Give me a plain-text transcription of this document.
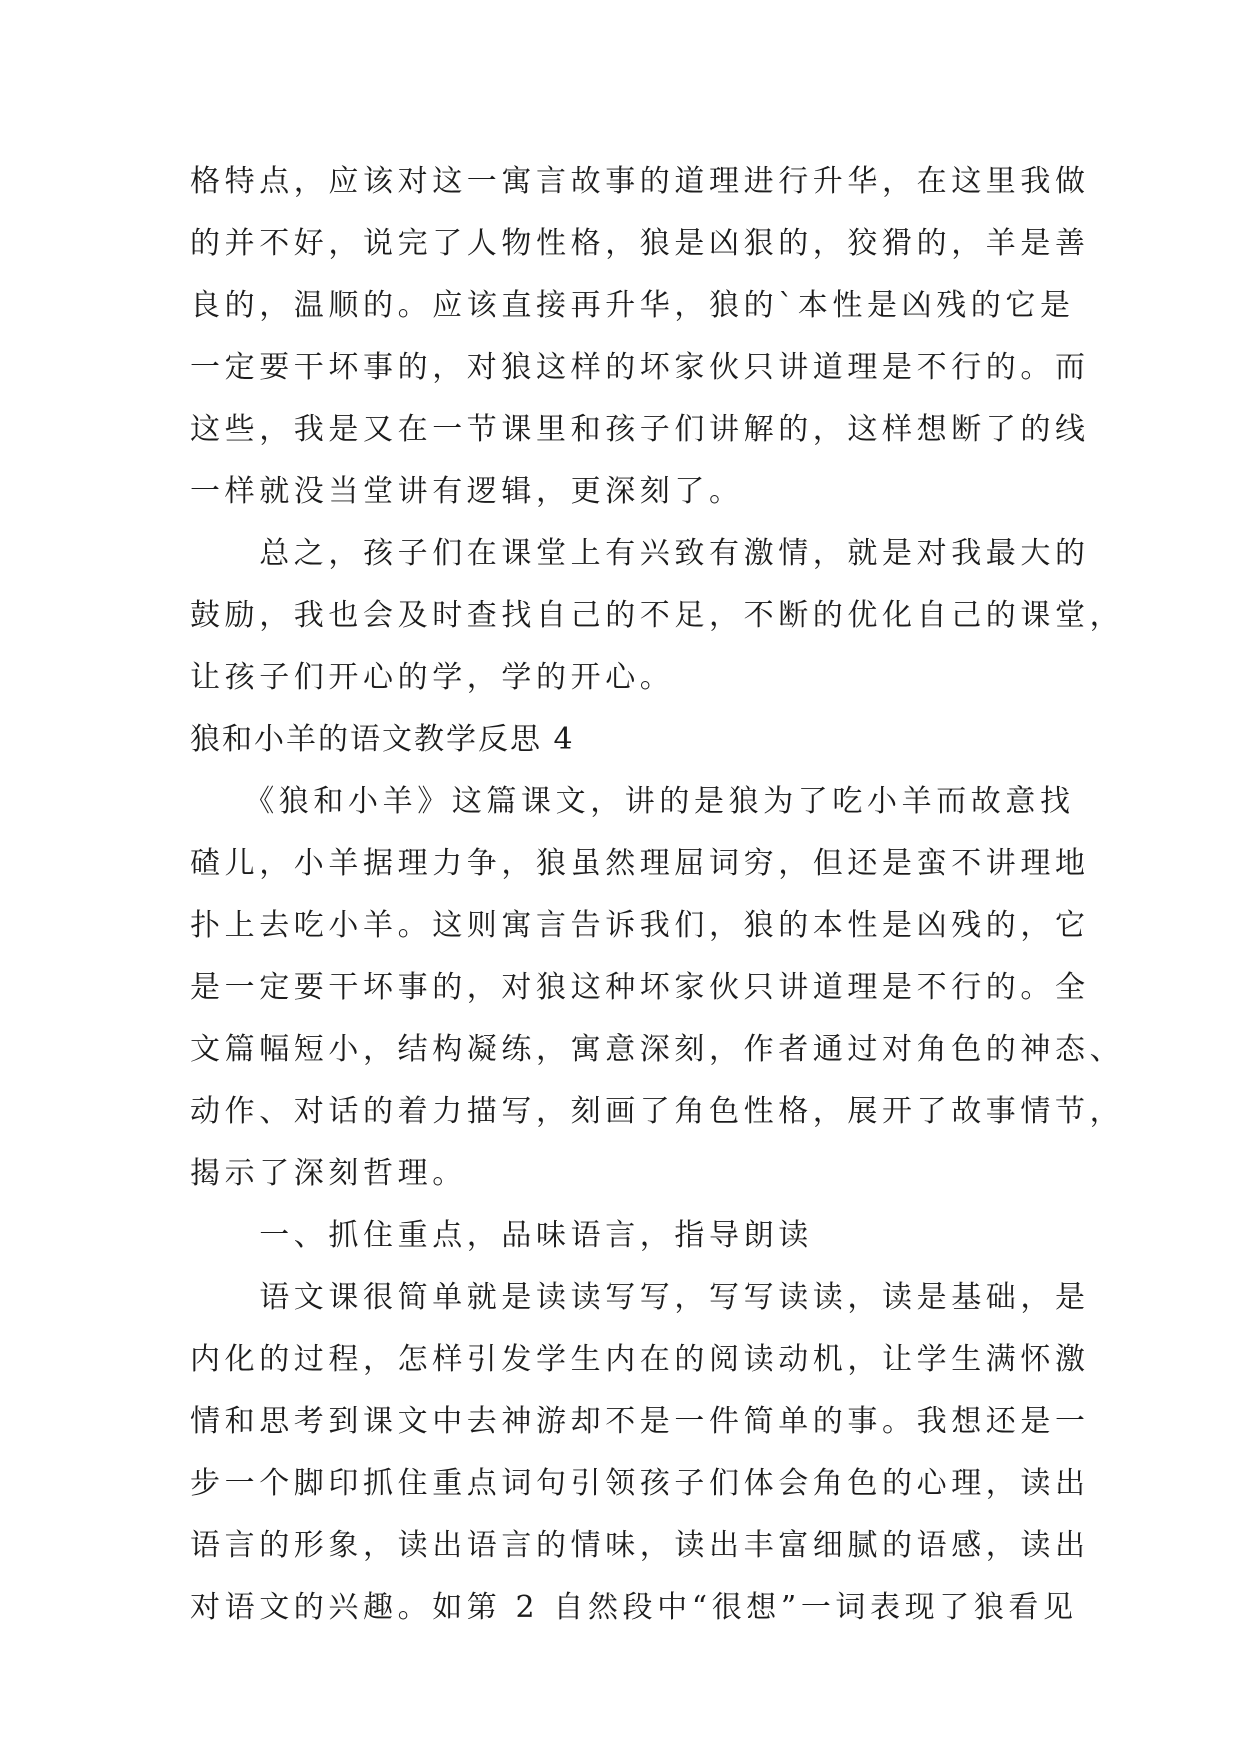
格特点，应该对这一寓言故事的道理进行升华，在这里我做

的并不好，说完了人物性格，狼是凶狠的，狡猾的，羊是善

良的，温顺的。应该直接再升华，狼的`本性是凶残的它是

一定要干坏事的，对狼这样的坏家伙只讲道理是不行的。而

这些，我是又在一节课里和孩子们讲解的，这样想断了的线

一样就没当堂讲有逻辑，更深刻了。

　　总之，孩子们在课堂上有兴致有激情，就是对我最大的

鼓励，我也会及时查找自己的不足，不断的优化自己的课堂，

让孩子们开心的学，学的开心。

狼和小羊的语文教学反思 4

　　《狼和小羊》这篇课文，讲的是狼为了吃小羊而故意找

碴儿，小羊据理力争，狼虽然理屈词穷，但还是蛮不讲理地

扑上去吃小羊。这则寓言告诉我们，狼的本性是凶残的，它

是一定要干坏事的，对狼这种坏家伙只讲道理是不行的。全

文篇幅短小，结构凝练，寓意深刻，作者通过对角色的神态、

动作、对话的着力描写，刻画了角色性格，展开了故事情节，

揭示了深刻哲理。

　　一、抓住重点，品味语言，指导朗读

　　语文课很简单就是读读写写，写写读读，读是基础，是

内化的过程，怎样引发学生内在的阅读动机，让学生满怀激

情和思考到课文中去神游却不是一件简单的事。我想还是一

步一个脚印抓住重点词句引领孩子们体会角色的心理，读出

语言的形象，读出语言的情味，读出丰富细腻的语感，读出

对语文的兴趣。如第 2 自然段中“很想”一词表现了狼看见
